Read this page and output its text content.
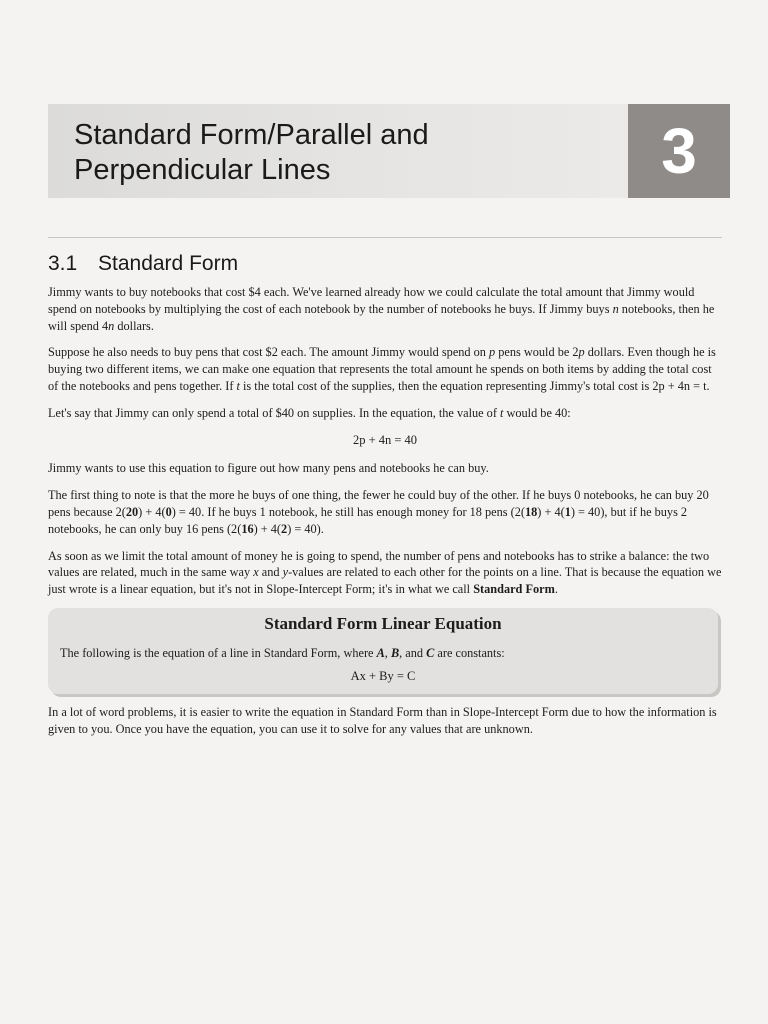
Standard Form/Parallel and
Perpendicular Lines	3
3.1 Standard Form

Jimmy wants to buy notebooks that cost $4 each. We've learned already how we could calculate the total amount that Jimmy would spend on notebooks by multiplying the cost of each notebook by the number of notebooks he buys. If Jimmy buys n notebooks, then he will spend 4n dollars.

Suppose he also needs to buy pens that cost $2 each. The amount Jimmy would spend on p pens would be 2p dollars. Even though he is buying two different items, we can make one equation that represents the total amount he spends on both items by adding the total cost of the notebooks and pens together. If t is the total cost of the supplies, then the equation representing Jimmy's total cost is 2p + 4n = t.

Let's say that Jimmy can only spend a total of $40 on supplies. In the equation, the value of t would be 40:

2p + 4n = 40

Jimmy wants to use this equation to figure out how many pens and notebooks he can buy.

The first thing to note is that the more he buys of one thing, the fewer he could buy of the other. If he buys 0 notebooks, he can buy 20 pens because 2(20) + 4(0) = 40. If he buys 1 notebook, he still has enough money for 18 pens (2(18) + 4(1) = 40), but if he buys 2 notebooks, he can only buy 16 pens (2(16) + 4(2) = 40).

As soon as we limit the total amount of money he is going to spend, the number of pens and notebooks has to strike a balance: the two values are related, much in the same way x and y-values are related to each other for the points on a line. That is because the equation we just wrote is a linear equation, but it's not in Slope-Intercept Form; it's in what we call Standard Form.

Standard Form Linear Equation

The following is the equation of a line in Standard Form, where A, B, and C are constants:

Ax + By = C

In a lot of word problems, it is easier to write the equation in Standard Form than in Slope-Intercept Form due to how the information is given to you. Once you have the equation, you can use it to solve for any values that are unknown.
